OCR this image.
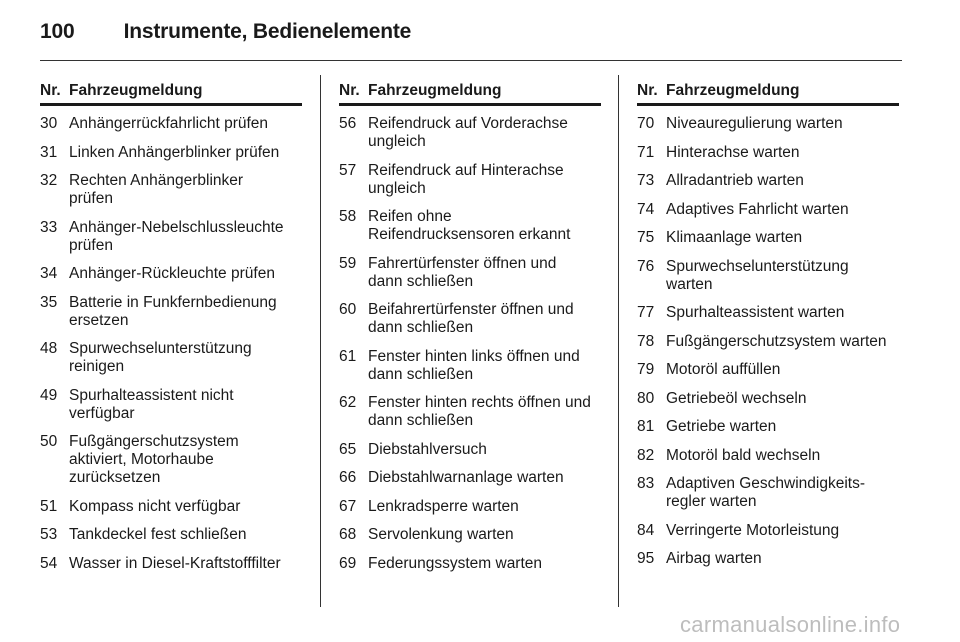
100 Instrumente, Bedienelemente
Nr. Fahrzeugmeldung
30 Anhängerrückfahrlicht prüfen
31 Linken Anhängerblinker prüfen
32 Rechten Anhängerblinker
prüfen
33 Anhänger-Nebelschlussleuchte
prüfen
34 Anhänger-Rückleuchte prüfen
35 Batterie in Funkfernbedienung
ersetzen
48 Spurwechselunterstützung
reinigen
49 Spurhalteassistent nicht
verfügbar
50 Fußgängerschutzsystem
aktiviert, Motorhaube
zurücksetzen
51 Kompass nicht verfügbar
53 Tankdeckel fest schließen
54 Wasser in Diesel-Kraftstofffilter
Nr. Fahrzeugmeldung
56 Reifendruck auf Vorderachse
ungleich
57 Reifendruck auf Hinterachse
ungleich
58 Reifen ohne
Reifendrucksensoren erkannt
59 Fahrertürfenster öffnen und
dann schließen
60 Beifahrertürfenster öffnen und
dann schließen
61 Fenster hinten links öffnen und
dann schließen
62 Fenster hinten rechts öffnen und
dann schließen
65 Diebstahlversuch
66 Diebstahlwarnanlage warten
67 Lenkradsperre warten
68 Servolenkung warten
69 Federungssystem warten
Nr. Fahrzeugmeldung
70 Niveauregulierung warten
71 Hinterachse warten
73 Allradantrieb warten
74 Adaptives Fahrlicht warten
75 Klimaanlage warten
76 Spurwechselunterstützung
warten
77 Spurhalteassistent warten
78 Fußgängerschutzsystem warten
79 Motoröl auffüllen
80 Getriebeöl wechseln
81 Getriebe warten
82 Motoröl bald wechseln
83 Adaptiven Geschwindigkeits-
regler warten
84 Verringerte Motorleistung
95 Airbag warten
carmanualsonline.info
